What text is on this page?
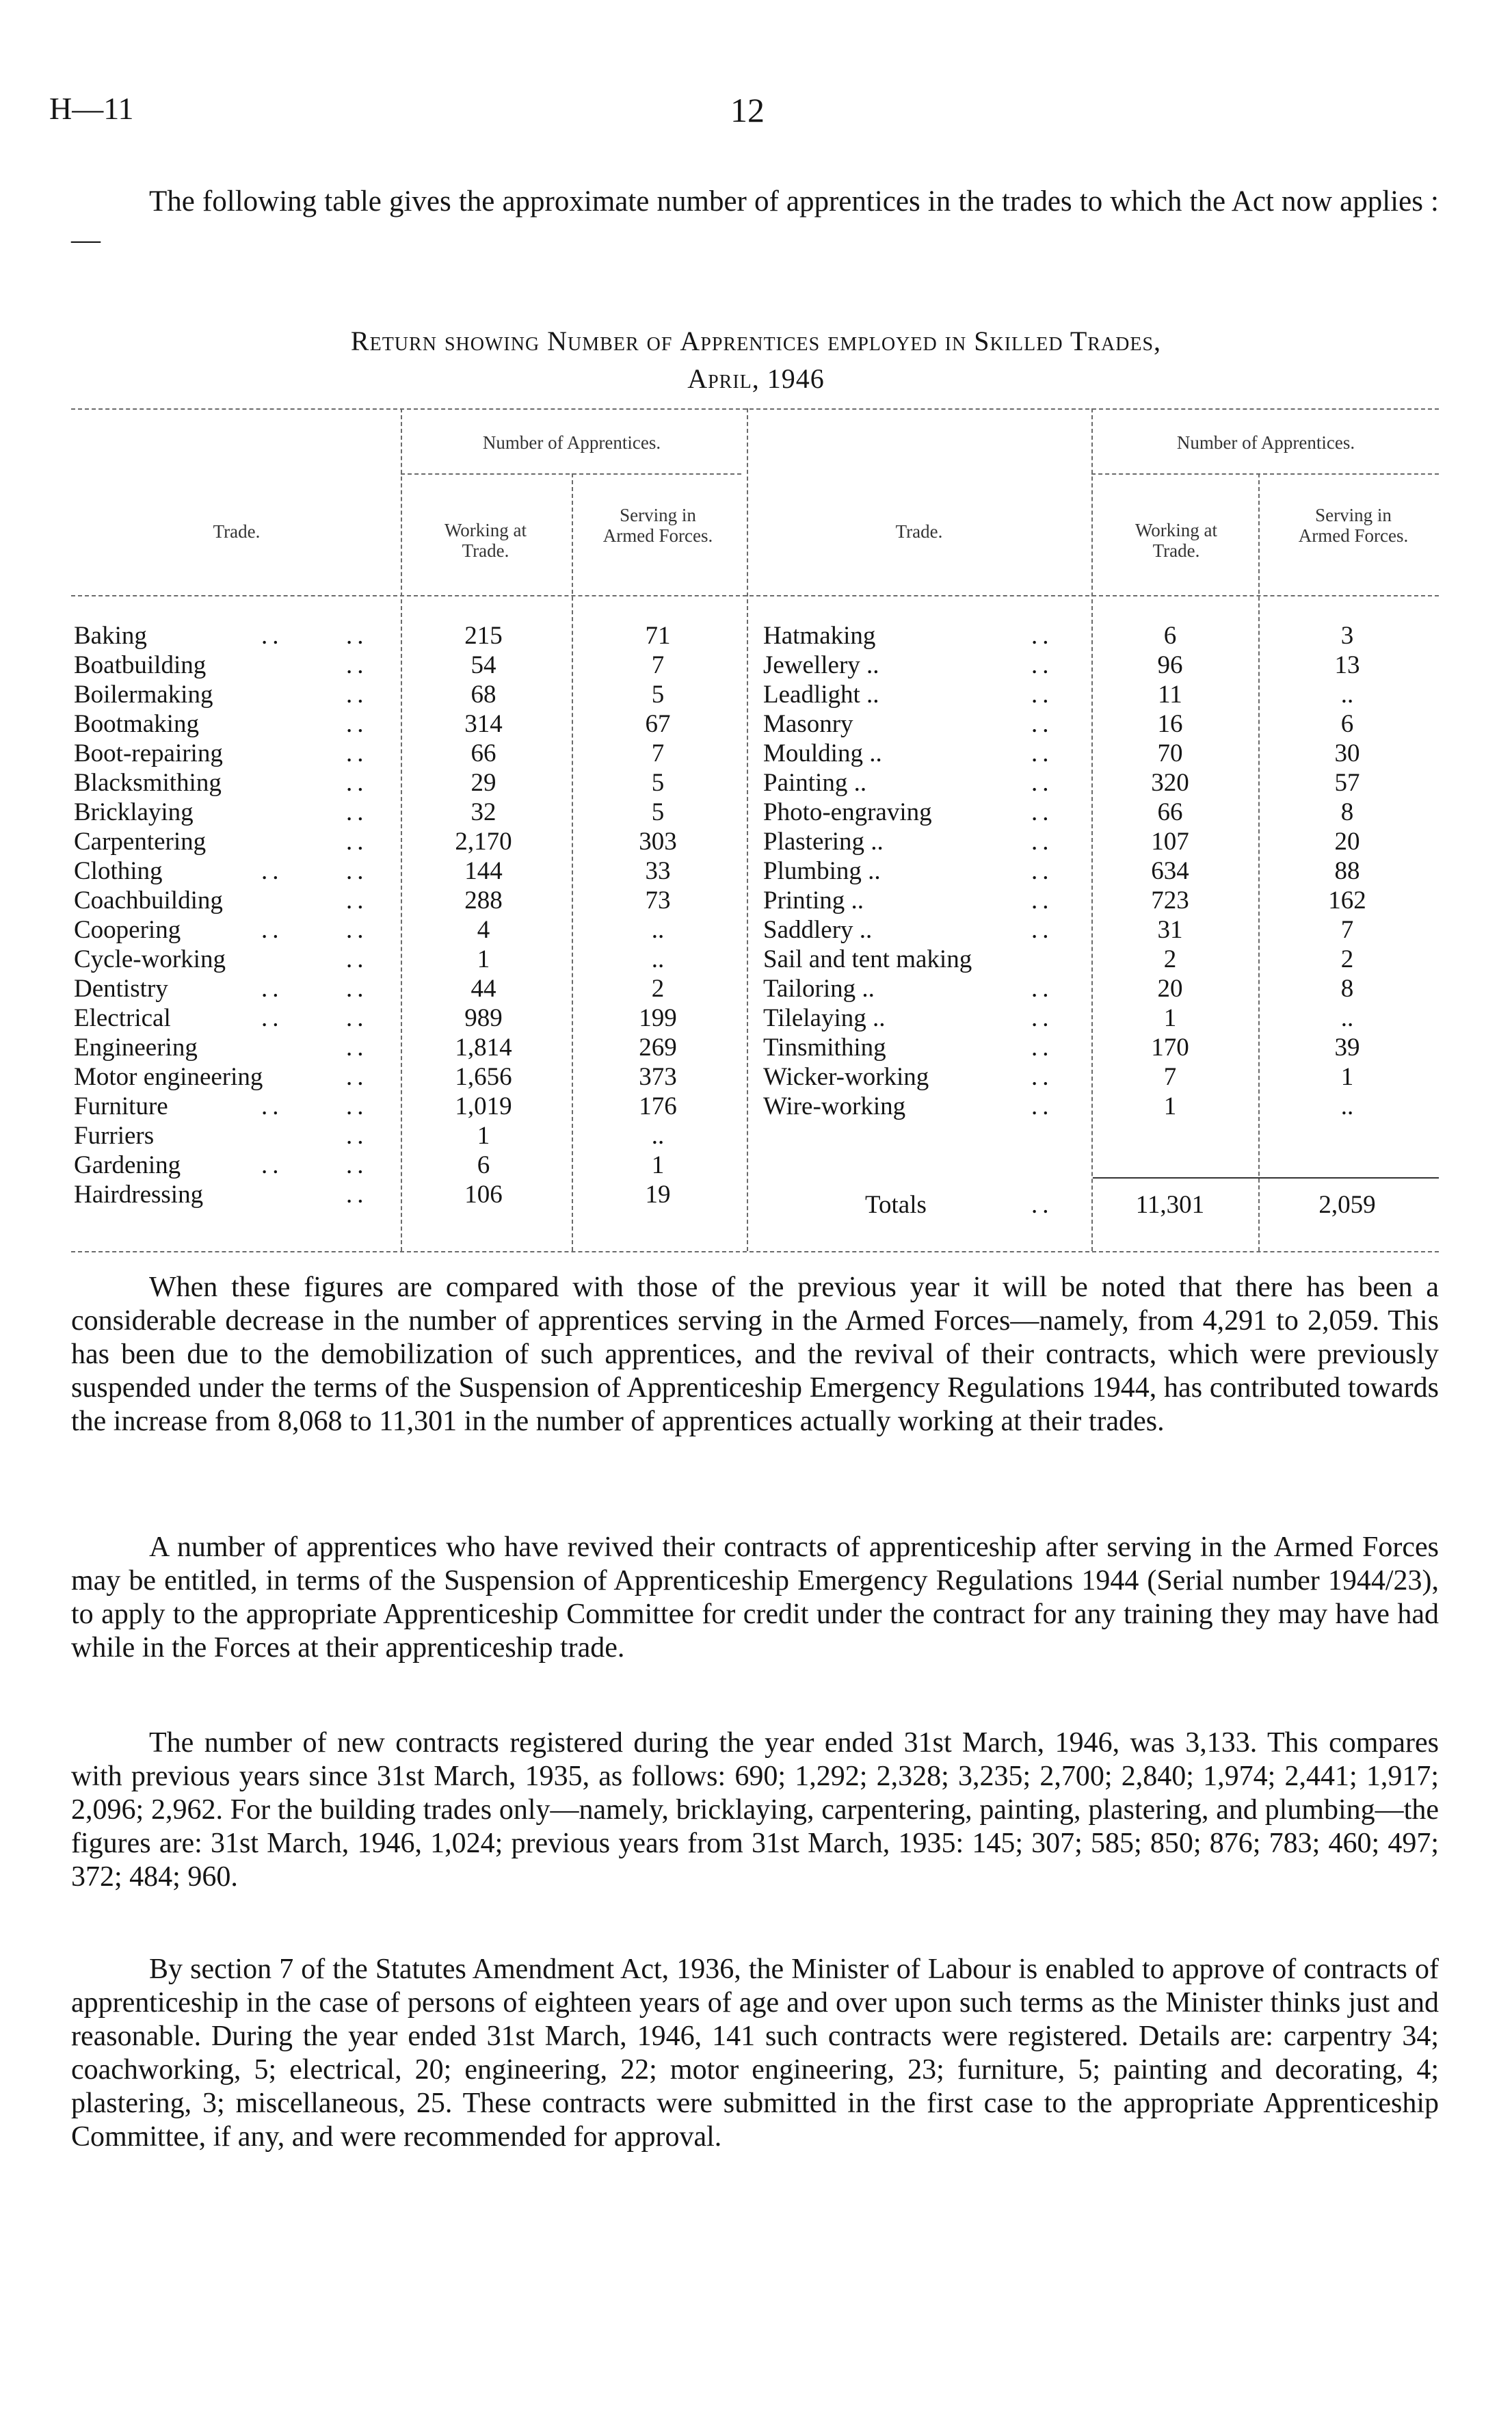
H—11	12

The following table gives the approximate number of apprentices in the trades to which the Act now applies :—

Return showing Number of Apprentices employed in Skilled Trades,

April, 1946

Trade.
Number of Apprentices.
Working at Trade.
Serving in Armed Forces.	Trade.
Number of Apprentices.
Working at Trade.
Serving in Armed Forces.
Baking	.. ..	215	71
Boatbuilding	..	54	7
Boilermaking	..	68	5
Bootmaking	..	314	67
Boot-repairing	..	66	7
Blacksmithing	..	29	5
Bricklaying	..	32	5
Carpentering	..	2,170	303
Clothing	.. ..	144	33
Coachbuilding	..	288	73
Coopering	.. ..	4	..
Cycle-working	..	1	..
Dentistry	.. ..	44	2
Electrical	.. ..	989	199
Engineering	..	1,814	269
Motor engineering	..	1,656	373
Furniture	.. ..	1,019	176
Furriers	..	1	..
Gardening	.. ..	6	1
Hairdressing	..	106	19
Hatmaking	..	6	3
Jewellery ..	..	96	13
Leadlight ..	..	11	..
Masonry	..	16	6
Moulding ..	..	70	30
Painting ..	..	320	57
Photo-engraving	..	66	8
Plastering ..	..	107	20
Plumbing ..	..	634	88
Printing ..	..	723	162
Saddlery ..	..	31	7
Sail and tent making	2	2
Tailoring ..	..	20	8
Tilelaying ..	..	1	..
Tinsmithing	..	170	39
Wicker-working	..	7	1
Wire-working	..	1	..
Totals	..	11,301	2,059

When these figures are compared with those of the previous year it will be noted that there has been a considerable decrease in the number of apprentices serving in the Armed Forces—namely, from 4,291 to 2,059. This has been due to the demobilization of such apprentices, and the revival of their contracts, which were previously suspended under the terms of the Suspension of Apprenticeship Emergency Regulations 1944, has contributed towards the increase from 8,068 to 11,301 in the number of apprentices actually working at their trades.

A number of apprentices who have revived their contracts of apprenticeship after serving in the Armed Forces may be entitled, in terms of the Suspension of Apprenticeship Emergency Regulations 1944 (Serial number 1944/23), to apply to the appropriate Apprenticeship Committee for credit under the contract for any training they may have had while in the Forces at their apprenticeship trade.

The number of new contracts registered during the year ended 31st March, 1946, was 3,133. This compares with previous years since 31st March, 1935, as follows: 690; 1,292; 2,328; 3,235; 2,700; 2,840; 1,974; 2,441; 1,917; 2,096; 2,962. For the building trades only—namely, bricklaying, carpentering, painting, plastering, and plumbing—the figures are: 31st March, 1946, 1,024; previous years from 31st March, 1935: 145; 307; 585; 850; 876; 783; 460; 497; 372; 484; 960.

By section 7 of the Statutes Amendment Act, 1936, the Minister of Labour is enabled to approve of contracts of apprenticeship in the case of persons of eighteen years of age and over upon such terms as the Minister thinks just and reasonable. During the year ended 31st March, 1946, 141 such contracts were registered. Details are: carpentry 34; coachworking, 5; electrical, 20; engineering, 22; motor engineering, 23; furniture, 5; painting and decorating, 4; plastering, 3; miscellaneous, 25. These contracts were submitted in the first case to the appropriate Apprenticeship Committee, if any, and were recommended for approval.
